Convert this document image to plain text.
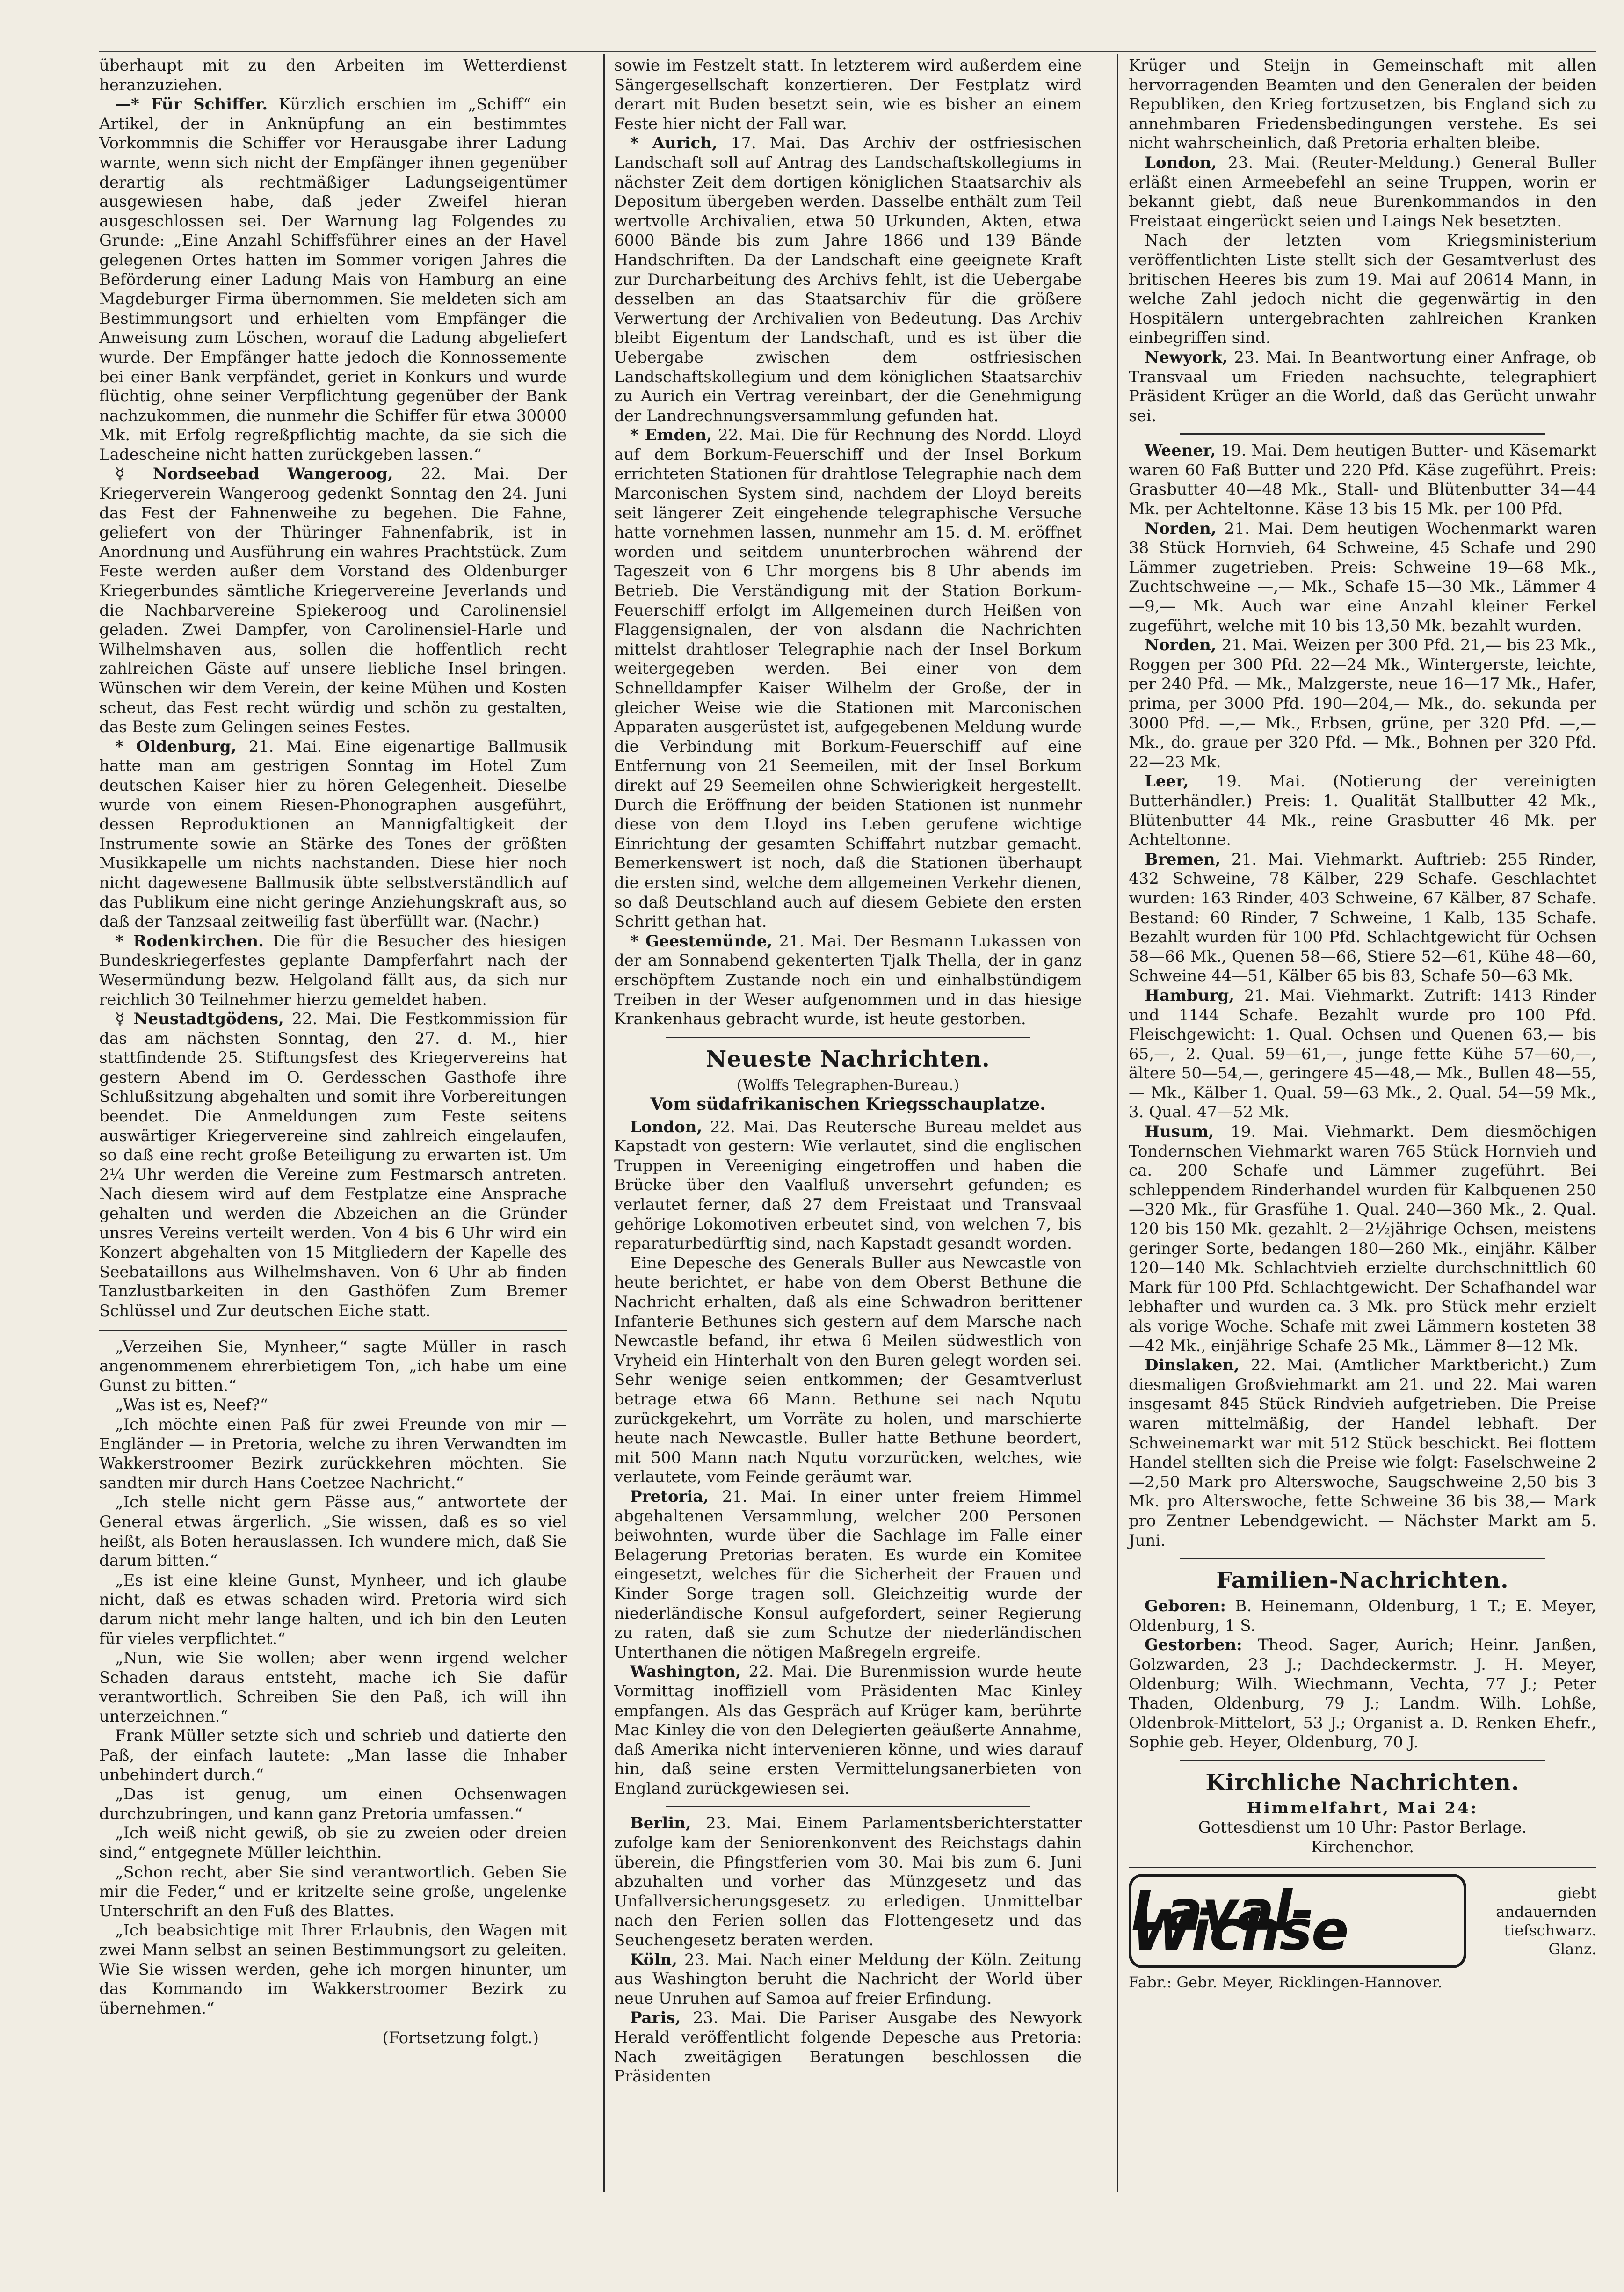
überhaupt mit zu den Arbeiten im Wetterdienst heranzuziehen.

—* Für Schiffer. Kürzlich erschien im „Schiff“ ein Artikel, der in Anknüpfung an ein bestimmtes Vorkommnis die Schiffer vor Herausgabe ihrer Ladung warnte, wenn sich nicht der Empfänger ihnen gegenüber derartig als rechtmäßiger Ladungseigentümer ausgewiesen habe, daß jeder Zweifel hieran ausgeschlossen sei. Der Warnung lag Folgendes zu Grunde: „Eine Anzahl Schiffsführer eines an der Havel gelegenen Ortes hatten im Sommer vorigen Jahres die Beförderung einer Ladung Mais von Hamburg an eine Magdeburger Firma übernommen. Sie meldeten sich am Bestimmungsort und erhielten vom Empfänger die Anweisung zum Löschen, worauf die Ladung abgeliefert wurde. Der Empfänger hatte jedoch die Konnossemente bei einer Bank verpfändet, geriet in Konkurs und wurde flüchtig, ohne seiner Verpflichtung gegenüber der Bank nachzukommen, die nunmehr die Schiffer für etwa 30000 Mk. mit Erfolg regreßpflichtig machte, da sie sich die Ladescheine nicht hatten zurückgeben lassen.“

☿ Nordseebad Wangeroog, 22. Mai. Der Kriegerverein Wangeroog gedenkt Sonntag den 24. Juni das Fest der Fahnenweihe zu begehen. Die Fahne, geliefert von der Thüringer Fahnenfabrik, ist in Anordnung und Ausführung ein wahres Prachtstück. Zum Feste werden außer dem Vorstand des Oldenburger Kriegerbundes sämtliche Kriegervereine Jeverlands und die Nachbarvereine Spiekeroog und Carolinensiel geladen. Zwei Dampfer, von Carolinensiel-Harle und Wilhelmshaven aus, sollen die hoffentlich recht zahlreichen Gäste auf unsere liebliche Insel bringen. Wünschen wir dem Verein, der keine Mühen und Kosten scheut, das Fest recht würdig und schön zu gestalten, das Beste zum Gelingen seines Festes.

* Oldenburg, 21. Mai. Eine eigenartige Ballmusik hatte man am gestrigen Sonntag im Hotel Zum deutschen Kaiser hier zu hören Gelegenheit. Dieselbe wurde von einem Riesen-Phonographen ausgeführt, dessen Reproduktionen an Mannigfaltigkeit der Instrumente sowie an Stärke des Tones der größten Musikkapelle um nichts nachstanden. Diese hier noch nicht dagewesene Ballmusik übte selbstverständlich auf das Publikum eine nicht geringe Anziehungskraft aus, so daß der Tanzsaal zeitweilig fast überfüllt war. (Nachr.)

* Rodenkirchen. Die für die Besucher des hiesigen Bundeskriegerfestes geplante Dampferfahrt nach der Wesermündung bezw. Helgoland fällt aus, da sich nur reichlich 30 Teilnehmer hierzu gemeldet haben.

☿ Neustadtgödens, 22. Mai. Die Festkommission für das am nächsten Sonntag, den 27. d. M., hier stattfindende 25. Stiftungsfest des Kriegervereins hat gestern Abend im O. Gerdesschen Gasthofe ihre Schlußsitzung abgehalten und somit ihre Vorbereitungen beendet. Die Anmeldungen zum Feste seitens auswärtiger Kriegervereine sind zahlreich eingelaufen, so daß eine recht große Beteiligung zu erwarten ist. Um 2¼ Uhr werden die Vereine zum Festmarsch antreten. Nach diesem wird auf dem Festplatze eine Ansprache gehalten und werden die Abzeichen an die Gründer unsres Vereins verteilt werden. Von 4 bis 6 Uhr wird ein Konzert abgehalten von 15 Mitgliedern der Kapelle des Seebataillons aus Wilhelmshaven. Von 6 Uhr ab finden Tanzlustbarkeiten in den Gasthöfen Zum Bremer Schlüssel und Zur deutschen Eiche statt.

„Verzeihen Sie, Mynheer,“ sagte Müller in rasch angenommenem ehrerbietigem Ton, „ich habe um eine Gunst zu bitten.“

„Was ist es, Neef?“

„Ich möchte einen Paß für zwei Freunde von mir — Engländer — in Pretoria, welche zu ihren Verwandten im Wakkerstroomer Bezirk zurückkehren möchten. Sie sandten mir durch Hans Coetzee Nachricht.“

„Ich stelle nicht gern Pässe aus,“ antwortete der General etwas ärgerlich. „Sie wissen, daß es so viel heißt, als Boten herauslassen. Ich wundere mich, daß Sie darum bitten.“

„Es ist eine kleine Gunst, Mynheer, und ich glaube nicht, daß es etwas schaden wird. Pretoria wird sich darum nicht mehr lange halten, und ich bin den Leuten für vieles verpflichtet.“

„Nun, wie Sie wollen; aber wenn irgend welcher Schaden daraus entsteht, mache ich Sie dafür verantwortlich. Schreiben Sie den Paß, ich will ihn unterzeichnen.“

Frank Müller setzte sich und schrieb und datierte den Paß, der einfach lautete: „Man lasse die Inhaber unbehindert durch.“

„Das ist genug, um einen Ochsenwagen durchzubringen, und kann ganz Pretoria umfassen.“

„Ich weiß nicht gewiß, ob sie zu zweien oder dreien sind,“ entgegnete Müller leichthin.

„Schon recht, aber Sie sind verantwortlich. Geben Sie mir die Feder,“ und er kritzelte seine große, ungelenke Unterschrift an den Fuß des Blattes.

„Ich beabsichtige mit Ihrer Erlaubnis, den Wagen mit zwei Mann selbst an seinen Bestimmungsort zu geleiten. Wie Sie wissen werden, gehe ich morgen hinunter, um das Kommando im Wakkerstroomer Bezirk zu übernehmen.“

(Fortsetzung folgt.)

sowie im Festzelt statt. In letzterem wird außerdem eine Sängergesellschaft konzertieren. Der Festplatz wird derart mit Buden besetzt sein, wie es bisher an einem Feste hier nicht der Fall war.

* Aurich, 17. Mai. Das Archiv der ostfriesischen Landschaft soll auf Antrag des Landschaftskollegiums in nächster Zeit dem dortigen königlichen Staatsarchiv als Depositum übergeben werden. Dasselbe enthält zum Teil wertvolle Archivalien, etwa 50 Urkunden, Akten, etwa 6000 Bände bis zum Jahre 1866 und 139 Bände Handschriften. Da der Landschaft eine geeignete Kraft zur Durcharbeitung des Archivs fehlt, ist die Uebergabe desselben an das Staatsarchiv für die größere Verwertung der Archivalien von Bedeutung. Das Archiv bleibt Eigentum der Landschaft, und es ist über die Uebergabe zwischen dem ostfriesischen Landschaftskollegium und dem königlichen Staatsarchiv zu Aurich ein Vertrag vereinbart, der die Genehmigung der Landrechnungsversammlung gefunden hat.

* Emden, 22. Mai. Die für Rechnung des Nordd. Lloyd auf dem Borkum-Feuerschiff und der Insel Borkum errichteten Stationen für drahtlose Telegraphie nach dem Marconischen System sind, nachdem der Lloyd bereits seit längerer Zeit eingehende telegraphische Versuche hatte vornehmen lassen, nunmehr am 15. d. M. eröffnet worden und seitdem ununterbrochen während der Tageszeit von 6 Uhr morgens bis 8 Uhr abends im Betrieb. Die Verständigung mit der Station Borkum-Feuerschiff erfolgt im Allgemeinen durch Heißen von Flaggensignalen, der von alsdann die Nachrichten mittelst drahtloser Telegraphie nach der Insel Borkum weitergegeben werden. Bei einer von dem Schnelldampfer Kaiser Wilhelm der Große, der in gleicher Weise wie die Stationen mit Marconischen Apparaten ausgerüstet ist, aufgegebenen Meldung wurde die Verbindung mit Borkum-Feuerschiff auf eine Entfernung von 21 Seemeilen, mit der Insel Borkum direkt auf 29 Seemeilen ohne Schwierigkeit hergestellt. Durch die Eröffnung der beiden Stationen ist nunmehr diese von dem Lloyd ins Leben gerufene wichtige Einrichtung der gesamten Schiffahrt nutzbar gemacht. Bemerkenswert ist noch, daß die Stationen überhaupt die ersten sind, welche dem allgemeinen Verkehr dienen, so daß Deutschland auch auf diesem Gebiete den ersten Schritt gethan hat.

* Geestemünde, 21. Mai. Der Besmann Lukassen von der am Sonnabend gekenterten Tjalk Thella, der in ganz erschöpftem Zustande noch ein und einhalbstündigem Treiben in der Weser aufgenommen und in das hiesige Krankenhaus gebracht wurde, ist heute gestorben.

Neueste Nachrichten.

(Wolffs Telegraphen-Bureau.)

Vom südafrikanischen Kriegsschauplatze.

London, 22. Mai. Das Reutersche Bureau meldet aus Kapstadt von gestern: Wie verlautet, sind die englischen Truppen in Vereeniging eingetroffen und haben die Brücke über den Vaalfluß unversehrt gefunden; es verlautet ferner, daß 27 dem Freistaat und Transvaal gehörige Lokomotiven erbeutet sind, von welchen 7, bis reparaturbedürftig sind, nach Kapstadt gesandt worden.

Eine Depesche des Generals Buller aus Newcastle von heute berichtet, er habe von dem Oberst Bethune die Nachricht erhalten, daß als eine Schwadron berittener Infanterie Bethunes sich gestern auf dem Marsche nach Newcastle befand, ihr etwa 6 Meilen südwestlich von Vryheid ein Hinterhalt von den Buren gelegt worden sei. Sehr wenige seien entkommen; der Gesamtverlust betrage etwa 66 Mann. Bethune sei nach Nqutu zurückgekehrt, um Vorräte zu holen, und marschierte heute nach Newcastle. Buller hatte Bethune beordert, mit 500 Mann nach Nqutu vorzurücken, welches, wie verlautete, vom Feinde geräumt war.

Pretoria, 21. Mai. In einer unter freiem Himmel abgehaltenen Versammlung, welcher 200 Personen beiwohnten, wurde über die Sachlage im Falle einer Belagerung Pretorias beraten. Es wurde ein Komitee eingesetzt, welches für die Sicherheit der Frauen und Kinder Sorge tragen soll. Gleichzeitig wurde der niederländische Konsul aufgefordert, seiner Regierung zu raten, daß sie zum Schutze der niederländischen Unterthanen die nötigen Maßregeln ergreife.

Washington, 22. Mai. Die Burenmission wurde heute Vormittag inoffiziell vom Präsidenten Mac Kinley empfangen. Als das Gespräch auf Krüger kam, berührte Mac Kinley die von den Delegierten geäußerte Annahme, daß Amerika nicht intervenieren könne, und wies darauf hin, daß seine ersten Vermittelungsanerbieten von England zurückgewiesen sei.

Berlin, 23. Mai. Einem Parlamentsberichterstatter zufolge kam der Seniorenkonvent des Reichstags dahin überein, die Pfingstferien vom 30. Mai bis zum 6. Juni abzuhalten und vorher das Münzgesetz und das Unfallversicherungsgesetz zu erledigen. Unmittelbar nach den Ferien sollen das Flottengesetz und das Seuchengesetz beraten werden.

Köln, 23. Mai. Nach einer Meldung der Köln. Zeitung aus Washington beruht die Nachricht der World über neue Unruhen auf Samoa auf freier Erfindung.

Paris, 23. Mai. Die Pariser Ausgabe des Newyork Herald veröffentlicht folgende Depesche aus Pretoria: Nach zweitägigen Beratungen beschlossen die Präsidenten

Krüger und Steijn in Gemeinschaft mit allen hervorragenden Beamten und den Generalen der beiden Republiken, den Krieg fortzusetzen, bis England sich zu annehmbaren Friedensbedingungen verstehe. Es sei nicht wahrscheinlich, daß Pretoria erhalten bleibe.

London, 23. Mai. (Reuter-Meldung.) General Buller erläßt einen Armeebefehl an seine Truppen, worin er bekannt giebt, daß neue Burenkommandos in den Freistaat eingerückt seien und Laings Nek besetzten.

Nach der letzten vom Kriegsministerium veröffentlichten Liste stellt sich der Gesamtverlust des britischen Heeres bis zum 19. Mai auf 20614 Mann, in welche Zahl jedoch nicht die gegenwärtig in den Hospitälern untergebrachten zahlreichen Kranken einbegriffen sind.

Newyork, 23. Mai. In Beantwortung einer Anfrage, ob Transvaal um Frieden nachsuchte, telegraphiert Präsident Krüger an die World, daß das Gerücht unwahr sei.

Weener, 19. Mai. Dem heutigen Butter- und Käsemarkt waren 60 Faß Butter und 220 Pfd. Käse zugeführt. Preis: Grasbutter 40—48 Mk., Stall- und Blütenbutter 34—44 Mk. per Achteltonne. Käse 13 bis 15 Mk. per 100 Pfd.

Norden, 21. Mai. Dem heutigen Wochenmarkt waren 38 Stück Hornvieh, 64 Schweine, 45 Schafe und 290 Lämmer zugetrieben. Preis: Schweine 19—68 Mk., Zuchtschweine —,— Mk., Schafe 15—30 Mk., Lämmer 4—9,— Mk. Auch war eine Anzahl kleiner Ferkel zugeführt, welche mit 10 bis 13,50 Mk. bezahlt wurden.

Norden, 21. Mai. Weizen per 300 Pfd. 21,— bis 23 Mk., Roggen per 300 Pfd. 22—24 Mk., Wintergerste, leichte, per 240 Pfd. — Mk., Malzgerste, neue 16—17 Mk., Hafer, prima, per 3000 Pfd. 190—204,— Mk., do. sekunda per 3000 Pfd. —,— Mk., Erbsen, grüne, per 320 Pfd. —,— Mk., do. graue per 320 Pfd. — Mk., Bohnen per 320 Pfd. 22—23 Mk.

Leer, 19. Mai. (Notierung der vereinigten Butterhändler.) Preis: 1. Qualität Stallbutter 42 Mk., Blütenbutter 44 Mk., reine Grasbutter 46 Mk. per Achteltonne.

Bremen, 21. Mai. Viehmarkt. Auftrieb: 255 Rinder, 432 Schweine, 78 Kälber, 229 Schafe. Geschlachtet wurden: 163 Rinder, 403 Schweine, 67 Kälber, 87 Schafe. Bestand: 60 Rinder, 7 Schweine, 1 Kalb, 135 Schafe. Bezahlt wurden für 100 Pfd. Schlachtgewicht für Ochsen 58—66 Mk., Quenen 58—66, Stiere 52—61, Kühe 48—60, Schweine 44—51, Kälber 65 bis 83, Schafe 50—63 Mk.

Hamburg, 21. Mai. Viehmarkt. Zutrift: 1413 Rinder und 1144 Schafe. Bezahlt wurde pro 100 Pfd. Fleischgewicht: 1. Qual. Ochsen und Quenen 63,— bis 65,—, 2. Qual. 59—61,—, junge fette Kühe 57—60,—, ältere 50—54,—, geringere 45—48,— Mk., Bullen 48—55,— Mk., Kälber 1. Qual. 59—63 Mk., 2. Qual. 54—59 Mk., 3. Qual. 47—52 Mk.

Husum, 19. Mai. Viehmarkt. Dem diesmöchigen Tondernschen Viehmarkt waren 765 Stück Hornvieh und ca. 200 Schafe und Lämmer zugeführt. Bei schleppendem Rinderhandel wurden für Kalbquenen 250—320 Mk., für Grasfühe 1. Qual. 240—360 Mk., 2. Qual. 120 bis 150 Mk. gezahlt. 2—2½jährige Ochsen, meistens geringer Sorte, bedangen 180—260 Mk., einjähr. Kälber 120—140 Mk. Schlachtvieh erzielte durchschnittlich 60 Mark für 100 Pfd. Schlachtgewicht. Der Schafhandel war lebhafter und wurden ca. 3 Mk. pro Stück mehr erzielt als vorige Woche. Schafe mit zwei Lämmern kosteten 38—42 Mk., einjährige Schafe 25 Mk., Lämmer 8—12 Mk.

Dinslaken, 22. Mai. (Amtlicher Marktbericht.) Zum diesmaligen Großviehmarkt am 21. und 22. Mai waren insgesamt 845 Stück Rindvieh aufgetrieben. Die Preise waren mittelmäßig, der Handel lebhaft. Der Schweinemarkt war mit 512 Stück beschickt. Bei flottem Handel stellten sich die Preise wie folgt: Faselschweine 2—2,50 Mark pro Alterswoche, Saugschweine 2,50 bis 3 Mk. pro Alterswoche, fette Schweine 36 bis 38,— Mark pro Zentner Lebendgewicht. — Nächster Markt am 5. Juni.

Familien-Nachrichten.

Geboren: B. Heinemann, Oldenburg, 1 T.; E. Meyer, Oldenburg, 1 S.

Gestorben: Theod. Sager, Aurich; Heinr. Janßen, Golzwarden, 23 J.; Dachdeckermstr. J. H. Meyer, Oldenburg; Wilh. Wiechmann, Vechta, 77 J.; Peter Thaden, Oldenburg, 79 J.; Landm. Wilh. Lohße, Oldenbrok-Mittelort, 53 J.; Organist a. D. Renken Ehefr., Sophie geb. Heyer, Oldenburg, 70 J.

Kirchliche Nachrichten.

Himmelfahrt, Mai 24:

Gottesdienst um 10 Uhr: Pastor Berlage.

Kirchenchor.

Laval-Wichse
giebt andauernden tiefschwarz. Glanz.

Fabr.: Gebr. Meyer, Ricklingen-Hannover.
